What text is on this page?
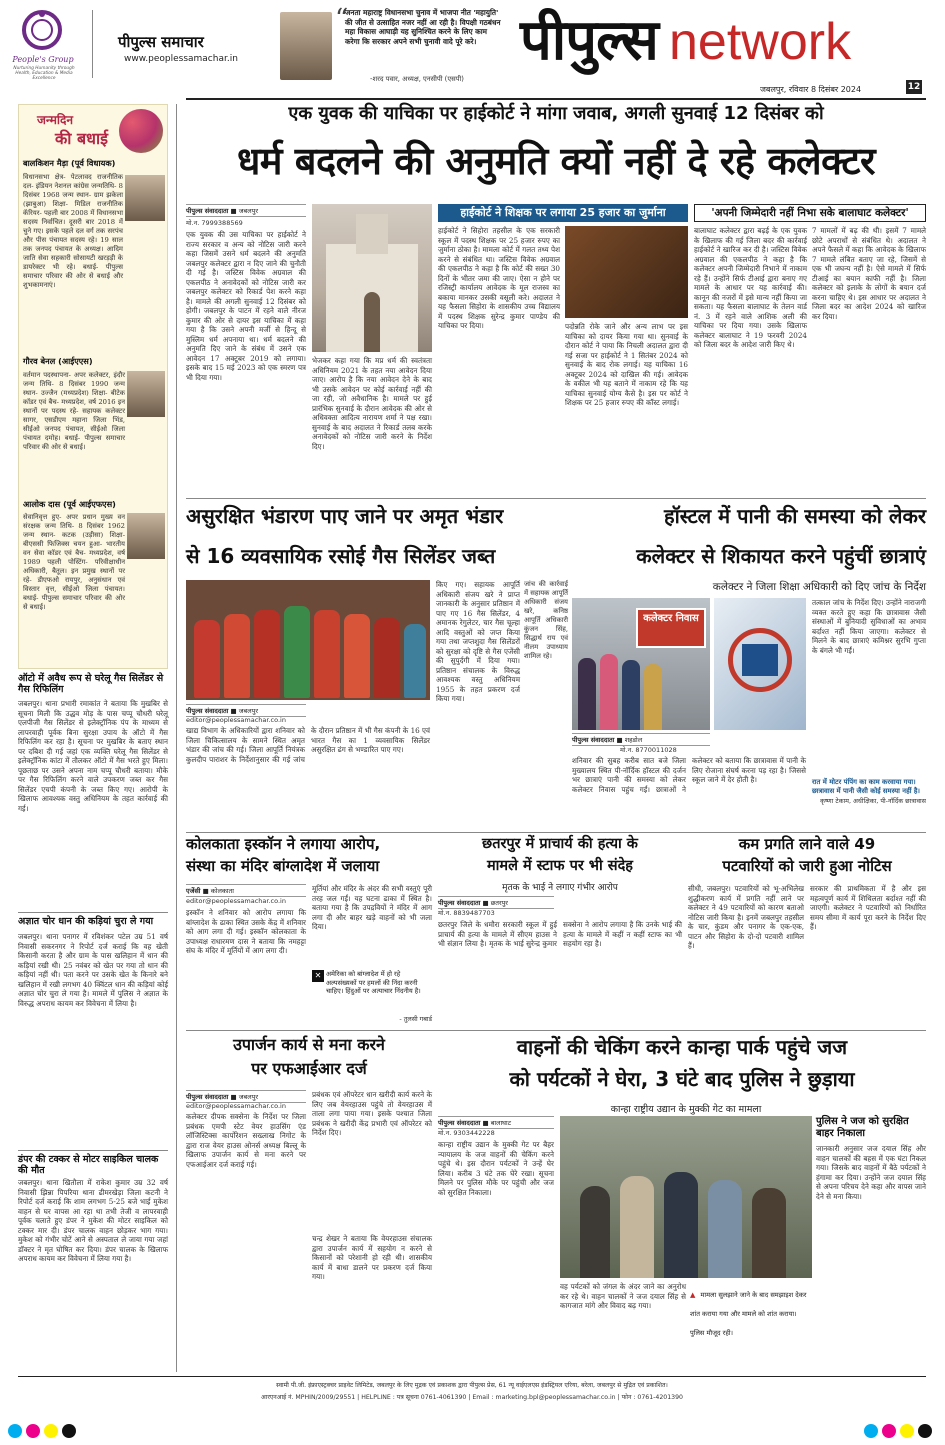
People's Group
Nurturing Humanity through Health, Education & Media Excellence
पीपुल्स समाचार
www.peoplessamachar.in
“
जनता महाराष्ट्र विधानसभा चुनाव में भाजपा नीत 'महायुति' की जीत से उत्साहित नजर नहीं आ रही है। विपक्षी गठबंधन महा विकास आघाड़ी यह सुनिश्चित करने के लिए काम करेगा कि सरकार अपने सभी चुनावी वादे पूरे करे।
-शरद पवार, अध्यक्ष, एनसीपी (एसपी)
पीपुल्स network
जबलपुर, रविवार 8 दिसंबर 2024	12
जन्मदिन
की बधाई
बालकिशन मैड़ा (पूर्व विधायक)
विधानसभा क्षेत्र- पेटलावद राजनीतिक दल- इंडियन नेशनल कांग्रेस जन्मतिथि- 8 दिसंबर 1968 जन्म स्थान- ग्राम झकेला (झाबुआ) शिक्षा- मिडिल राजनीतिक कॅरियर- पहली बार 2008 में विधानसभा सदस्य निर्वाचित। दूसरी बार 2018 में चुने गए। इसके पहले दल वर्ग तक सरपंच और पीस पंचायत सदस्य रहे। 19 साल तक जनपद पंचायत के अध्यक्ष। आदिम जाति सेवा सहकारी सोसायटी खरड़ड़ी के डायरेक्टर भी रहे। बधाई- पीपुल्स समाचार परिवार की ओर से बधाई और शुभकामनाएं।
गौरव बेनल (आईएएस)
वर्तमान पदस्थापना- अपर कलेक्टर, इंदौर जन्म तिथि- 8 दिसंबर 1990 जन्म स्थान- उज्जैन (मध्यप्रदेश) शिक्षा- बीटेक कॉडर एवं बैच- मध्यप्रदेश, वर्ष 2016 इन स्थानों पर पदस्थ रहे- सहायक कलेक्टर सागर, एसडीएम महाना जिला भिंड, सीईओ जनपद पंचायत, सीईओ जिला पंचायत दमोह। बधाई- पीपुल्स समाचार परिवार की ओर से बधाई।
आलोक दास (पूर्व आईएफएस)
सेवानिवृत्त हुए- अपर प्रधान मुख्य वन संरक्षक जन्म तिथि- 8 दिसंबर 1962 जन्म स्थान- कटक (उड़ीसा) शिक्षा- बीएससी फिजिक्स चयन हुआ- भारतीय वन सेवा कॉडर एवं बैच- मध्यप्रदेश, वर्ष 1989 पहली पोस्टिंग- परिवीक्षाधीन अधिकारी, बैतूल। इन प्रमुख स्थानों पर रहे- डीएफओ रायपुर, अनुसंधान एवं विस्तार वृत्त, सीईओ जिला पंचायत। बधाई- पीपुल्स समाचार परिवार की ओर से बधाई।
ऑटो में अवैध रूप से घरेलू गैस सिलेंडर से गैस रिफिलिंग
जबलपुर। थाना प्रभारी रमाकांत ने बताया कि मुखबिर से सूचना मिली कि उद्धव मोड़ के पास चप्पू चौधरी घरेलू एलपीजी गैस सिलेंडर से इलेक्ट्रॉनिक पंप के माध्यम से लापरवाही पूर्वक बिना सुरक्षा उपाय के ऑटो में गैस रिफिलिंग कर रहा है। सूचना पर मुखबिर के बताए स्थान पर दबिश दी गई जहां एक व्यक्ति घरेलू गैस सिलेंडर से इलेक्ट्रॉनिक कांटा में तौलकर ऑटो में गैस भरते हुए मिला। पूछताछ पर उसने अपना नाम चप्पू चौधरी बताया। मौके पर गैस रिफिलिंग करने वाले उपकरण जब्त कर गैस सिलेंडर एचपी कंपनी के जब्त किए गए। आरोपी के खिलाफ आवश्यक वस्तु अधिनियम के तहत कार्रवाई की गई।
अज्ञात चोर धान की कड़ियां चुरा ले गया
जबलपुर। थाना पनागर में रविशंकर पटेल उम्र 51 वर्ष निवासी सकरनगर ने रिपोर्ट दर्ज कराई कि वह खेती किसानी करता है और ग्राम के पास खलिहान में धान की कड़ियां रखी थी। 25 नवंबर को खेत पर गया तो धान की कड़ियां नहीं थी। पता करने पर उसके खेत के किनारे बने खलिहान में रखी लगभग 40 क्विंटल धान की कड़ियां कोई अज्ञात चोर चुरा ले गया है। मामले में पुलिस ने अज्ञात के विरुद्ध अपराध कायम कर विवेचना में लिया है।
डंपर की टक्कर से मोटर साइकिल चालक की मौत
जबलपुर। थाना खितौला में राकेश कुमार उम्र 32 वर्ष निवासी झिन्ना पिपरिया थाना ढीमरखेड़ा जिला कटनी ने रिपोर्ट दर्ज कराई कि शाम लगभग 5-25 बजे भाई मुकेश वाहन से घर वापस आ रहा था तभी तेजी व लापरवाही पूर्वक चलाते हुए डंपर ने मुकेश की मोटर साइकिल को टक्कर मार दी। डंपर चालक वाहन छोड़कर भाग गया। मुकेश को गंभीर चोटें आने से अस्पताल ले जाया गया जहां डॉक्टर ने मृत घोषित कर दिया। डंपर चालक के खिलाफ अपराध कायम कर विवेचना में लिया गया है।
एक युवक की याचिका पर हाईकोर्ट ने मांगा जवाब, अगली सुनवाई 12 दिसंबर को
धर्म बदलने की अनुमति क्यों नहीं दे रहे कलेक्टर
पीपुल्स संवाददाता ■ जबलपुर
मो.न. 7999388569
एक युवक की उस याचिका पर हाईकोर्ट ने राज्य सरकार व अन्य को नोटिस जारी करने कहा जिसमें उसने धर्म बदलने की अनुमति जबलपुर कलेक्टर द्वारा न दिए जाने की चुनौती दी गई है। जस्टिस विवेक अग्रवाल की एकलपीठ ने अनावेदकों को नोटिस जारी कर जबलपुर कलेक्टर को रिकार्ड पेश करने कहा है। मामले की अगली सुनवाई 12 दिसंबर को होगी। जबलपुर के पाटन में रहने वाले नीरज कुमार की ओर से दायर इस याचिका में कहा गया है कि उसने अपनी मर्जी से हिन्दू से मुस्लिम धर्म अपनाया था। धर्म बदलने की अनुमति दिए जाने के संबंध में उसने एक आवेदन 17 अक्टूबर 2019 को लगाया। इसके बाद 15 मई 2023 को एक स्मरण पत्र भी दिया गया।
भेजकर कहा गया कि मप्र धर्म की स्वतंत्रता अधिनियम 2021 के तहत नया आवेदन दिया जाए। आरोप है कि नया आवेदन देने के बाद भी उसके आवेदन पर कोई कार्रवाई नहीं की जा रही, जो अवैधानिक है। मामले पर हुई प्रारंभिक सुनवाई के दौरान आवेदक की ओर से अधिवक्ता आदित्य नारायण शर्मा ने पक्ष रखा। सुनवाई के बाद अदालत ने रिकार्ड तलब करके अनावेदकों को नोटिस जारी करने के निर्देश दिए।
हाईकोर्ट ने शिक्षक पर लगाया 25 हजार का जुर्माना
हाईकोर्ट ने सिहोरा तहसील के एक सरकारी स्कूल में पदस्थ शिक्षक पर 25 हजार रुपए का जुर्माना ठोका है। मामला कोर्ट में गलत तथ्य पेश करने से संबंधित था। जस्टिस विवेक अग्रवाल की एकलपीठ ने कहा है कि कोर्ट की सख्त 30 दिनों के भीतर जमा की जाए। ऐसा न होने पर रजिस्ट्री कार्यालय आवेदक के मूल राजस्व का बकाया मानकर उसकी वसूली करे। अदालत ने यह फैसला सिहोरा के शासकीय उच्च विद्यालय में पदस्थ शिक्षक सुरेन्द्र कुमार पाण्डेय की याचिका पर दिया।	पदोन्नति रोके जाने और अन्य लाभ पर इस याचिका को दायर किया गया था। सुनवाई के दौरान कोर्ट ने पाया कि निचली अदालत द्वारा दी गई सजा पर हाईकोर्ट ने 1 सितंबर 2024 को सुनवाई के बाद रोक लगाई। यह याचिका 16 अक्टूबर 2024 को दाखिल की गई। आवेदक के वकील भी यह बताने में नाकाम रहे कि यह याचिका सुनवाई योग्य कैसे है। इस पर कोर्ट ने शिक्षक पर 25 हजार रुपए की कॉस्ट लगाई।
'अपनी जिम्मेदारी नहीं निभा सके बालाघाट कलेक्टर'
बालाघाट कलेक्टर द्वारा बढ़ई के एक युवक के खिलाफ की गई जिला बदर की कार्रवाई हाईकोर्ट ने खारिज कर दी है। जस्टिस विवेक अग्रवाल की एकलपीठ ने कहा है कि कलेक्टर अपनी जिम्मेदारी निभाने में नाकाम रहे हैं। उन्होंने सिर्फ टीआई द्वारा बनाए गए मामले के आधार पर यह कार्रवाई की। कानून की नजरों में इसे मान्य नहीं किया जा सकता। यह फैसला बालाघाट के तेलन वार्ड नं. 3 में रहने वाले आशिक अली की याचिका पर दिया गया। उसके खिलाफ कलेक्टर बालाघाट ने 19 फरवरी 2024 को जिला बदर के आदेश जारी किए थे।
7 मामलों में बढ़ की थी। इसमें 7 मामले छोटे अपराधों से संबंधित थे। अदालत ने अपने फैसले में कहा कि आवेदक के खिलाफ 7 मामले लंबित बताए जा रहे, जिसमें से एक भी जघन्य नहीं है। ऐसे मामले में सिर्फ टीआई का बयान काफी नहीं है। जिला कलेक्टर को इलाके के लोगों के बयान दर्ज करना चाहिए थे। इस आधार पर अदालत ने जिला बदर का आदेश 2024 को खारिज कर दिया।
असुरक्षित भंडारण पाए जाने पर अमृत भंडार
से 16 व्यवसायिक रसोई गैस सिलेंडर जब्त
पीपुल्स संवाददाता ■ जबलपुर
editor@peoplessamachar.co.in
खाद्य विभाग के अधिकारियों द्वारा शनिवार को जिला चिकित्सालय के सामने स्थित अमृत भंडार की जांच की गई। जिला आपूर्ति नियंत्रक कुलदीप पाराशर के निर्देशानुसार की गई जांच के दौरान प्रतिष्ठान में भी गैस कंपनी के 16 एवं भारत गैस का 1 व्यवसायिक सिलेंडर असुरक्षित ढंग से भण्डारित पाए गए।
किए गए। सहायक आपूर्ति अधिकारी संजय खरे ने प्राप्त जानकारी के अनुसार प्रतिष्ठान में पाए गए 16 गैस सिलेंडर, 4 अमानक रेगुलेटर, चार गैस चूल्हा आदि वस्तुओं को जप्त किया गया तथा जप्तशुदा गैस सिलेंडरों को सुरक्षा को दृष्टि से गैस एजेंसी की सुपुर्दगी में दिया गया। प्रतिष्ठान संचालक के विरुद्ध आवश्यक वस्तु अधिनियम 1955 के तहत प्रकरण दर्ज किया गया।
जांच की कार्रवाई में सहायक आपूर्ति अधिकारी संजय खरे, कनिष्ठ आपूर्ति अधिकारी कुंजन सिंह, सिद्धार्थ राय एवं नीलम उपाध्याय शामिल रहे।
हॉस्टल में पानी की समस्या को लेकर
कलेक्टर से शिकायत करने पहुंचीं छात्राएं
कलेक्टर ने जिला शिक्षा अधिकारी को दिए जांच के निर्देश
कलेक्टर निवास
पीपुल्स संवाददाता ■ शहडोल
मो.न. 8770011028
शनिवार की सुबह करीब सात बजे जिला मुख्यालय स्थित पी-नॉर्दिक हॉस्टल की दर्जन भर छात्राएं पानी की समस्या को लेकर कलेक्टर निवास पहुंच गईं। छात्राओं ने कलेक्टर को बताया कि छात्रावास में पानी के लिए रोजाना संघर्ष करना पड़ रहा है। जिससे स्कूल जाने में देर होती है।
तत्काल जांच के निर्देश दिए। उन्होंने नाराजगी व्यक्त करते हुए कहा कि छात्रावास जैसी संस्थाओं में बुनियादी सुविधाओं का अभाव बर्दाश्त नहीं किया जाएगा। कलेक्टर से मिलने के बाद छात्राएं कमिश्नर सुरभि गुप्ता के बंगले भी गईं।
रात में मोटर पंपिंग का काम करवाया गया। छात्रावास में पानी जैसी कोई समस्या नहीं है।
कृष्णा टेकाम, अधीक्षिका, पी-नॉर्दिक छात्रावास
कोलकाता इस्कॉन ने लगाया आरोप,
संस्था का मंदिर बांग्लादेश में जलाया
एजेंसी ■ कोलकाता
editor@peoplessamachar.co.in
इस्कॉन ने शनिवार को आरोप लगाया कि बांग्लादेश के ढाका स्थित उसके केंद्र में शनिवार को आग लगा दी गई। इस्कॉन कोलकाता के उपाध्यक्ष राधारमण दास ने बताया कि नमहट्टा संघ के मंदिर में मूर्तियों में आग लगा दी।
मूर्तियां और मंदिर के अंदर की सभी वस्तुएं पूरी तरह जल गईं। यह घटना ढाका में स्थित है। बताया गया है कि उपद्रवियों ने मंदिर में आग लगा दी और बाहर खड़े वाहनों को भी जला दिया।
✕ अमेरिका को बांग्लादेश में हो रहे अल्पसंख्यकों पर हमलों की निंदा करनी चाहिए। हिंदुओं पर अत्याचार निंदनीय है।
- तुलसी गबार्ड
छतरपुर में प्राचार्य की हत्या के
मामले में स्टाफ पर भी संदेह
मृतक के भाई ने लगाए गंभीर आरोप
पीपुल्स संवाददाता ■ छतरपुर
मो.न. 8839487703
छतरपुर जिले के धमौरा सरकारी स्कूल में हुई प्राचार्य की हत्या के मामले में सीएम हाउस ने भी संज्ञान लिया है। मृतक के भाई सुरेन्द्र कुमार सक्सेना ने आरोप लगाया है कि उनके भाई की हत्या के मामले में कहीं न कहीं स्टाफ का भी सहयोग रहा है।
कम प्रगति लाने वाले 49
पटवारियों को जारी हुआ नोटिस
सीधी, जबलपुर। पटवारियों को भू-अभिलेख शुद्धीकरण कार्य में प्रगति नहीं लाने पर कलेक्टर ने 49 पटवारियों को कारण बताओ नोटिस जारी किया है। इनमें जबलपुर तहसील के चार, कुंडम और पनागर के एक-एक, पाटन और सिहोरा के दो-दो पटवारी शामिल हैं।
सरकार की प्राथमिकता में है और इस महत्वपूर्ण कार्य में शिथिलता बर्दाश्त नहीं की जाएगी। कलेक्टर ने पटवारियों को निर्धारित समय सीमा में कार्य पूरा करने के निर्देश दिए हैं।
उपार्जन कार्य से मना करने
पर एफआईआर दर्ज
पीपुल्स संवाददाता ■ जबलपुर
editor@peoplessamachar.co.in
कलेक्टर दीपक सक्सेना के निर्देश पर जिला प्रबंधक एमपी स्टेट वेयर हाउसिंग एंड लॉजिस्टिक्स कार्पोरेशन सख्लाख निगोट के द्वारा राज वेयर हाउस ओनर्स अध्यक्ष बिल्लू के खिलाफ उपार्जन कार्य से मना करने पर एफआईआर दर्ज कराई गई।
प्रबंधक एवं ऑपरेटर धान खरीदी कार्य करने के लिए जब वेयरहाउस पहुंचे तो वेयरहाउस में ताला लगा पाया गया। इसके पश्चात जिला प्रबंधक ने खरीदी केंद्र प्रभारी एवं ऑपरेटर को निर्देश दिए।
चन्द्र शेखर ने बताया कि वेयरहाउस संचालक द्वारा उपार्जन कार्य में सहयोग न करने से किसानों को परेशानी हो रही थी। शासकीय कार्य में बाधा डालने पर प्रकरण दर्ज किया गया।
वाहनों की चेकिंग करने कान्हा पार्क पहुंचे जज
को पर्यटकों ने घेरा, 3 घंटे बाद पुलिस ने छुड़ाया
कान्हा राष्ट्रीय उद्यान के मुक्की गेट का मामला
पीपुल्स संवाददाता ■ बालाघाट
मो.न. 9303442228
कान्हा राष्ट्रीय उद्यान के मुक्की गेट पर बैहर न्यायालय के जज वाहनों की चेकिंग करने पहुंचे थे। इस दौरान पर्यटकों ने उन्हें घेर लिया। करीब 3 घंटे तक घेरे रखा। सूचना मिलने पर पुलिस मौके पर पहुंची और जज को सुरक्षित निकाला।
▲ मामला सुलझाने जाने के बाद समझाइश देकर शांत कराया गया और मामले को शांत कराया। पुलिस मौजूद रही।
वह पर्यटकों को जंगल के अंदर जाने का अनुरोध कर रहे थे। वाहन चालकों ने जज दयाल सिंह से कागजात मांगे और विवाद बढ़ गया।
पुलिस ने जज को सुरक्षित बाहर निकाला
जानकारी अनुसार जज दयाल सिंह और वाहन चालकों की बहस में एक घंटा निकल गया। जिसके बाद वाहनों में बैठे पर्यटकों ने हंगामा कर दिया। उन्होंने जज दयाल सिंह से अपना परिचय देने कहा और वापस जाने देने से मना किया।
स्वामी पी.जी. इंफ्राएस्ट्रक्चर प्राइवेट लिमिटेड, जबलपुर के लिए मुद्रक एवं प्रकाशक द्वारा पीपुल्स प्रेस, 61 न्यू वाईएलएस इंडस्ट्रियल एरिया, बरेला, जबलपुर से मुद्रित एवं प्रकाशित।
आरएनआई नं. MPHIN/2009/29551 | HELPLINE : पत्र सूचना 0761-4061390 | Email : marketing.bpl@peoplessamachar.co.in | फोन : 0761-4201390
